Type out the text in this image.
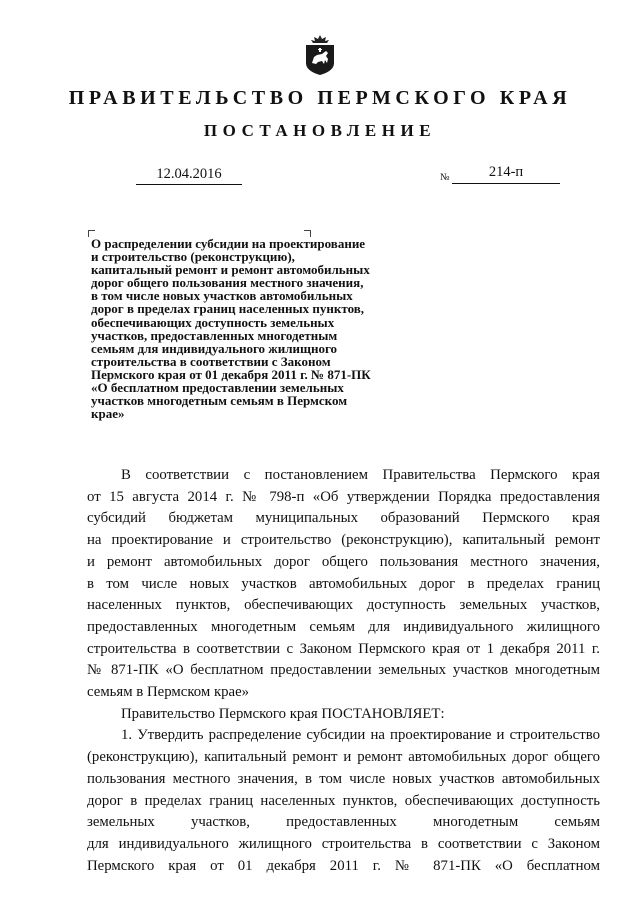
ПРАВИТЕЛЬСТВО ПЕРМСКОГО КРАЯ
ПОСТАНОВЛЕНИЕ
12.04.2016	№	214-п
О распределении субсидии на проектирование
и строительство (реконструкцию),
капитальный ремонт и ремонт автомобильных
дорог общего пользования местного значения,
в том числе новых участков автомобильных
дорог в пределах границ населенных пунктов,
обеспечивающих доступность земельных
участков, предоставленных многодетным
семьям для индивидуального жилищного
строительства в соответствии с Законом
Пермского края от 01 декабря 2011 г. № 871-ПК
«О бесплатном предоставлении земельных
участков многодетным семьям в Пермском
крае»
В соответствии с постановлением Правительства Пермского края
от 15 августа 2014 г. № 798-п «Об утверждении Порядка предоставления
субсидий бюджетам муниципальных образований Пермского края
на проектирование и строительство (реконструкцию), капитальный ремонт
и ремонт автомобильных дорог общего пользования местного значения,
в том числе новых участков автомобильных дорог в пределах границ
населенных пунктов, обеспечивающих доступность земельных участков,
предоставленных многодетным семьям для индивидуального жилищного
строительства в соответствии с Законом Пермского края от 1 декабря 2011 г.
№ 871-ПК «О бесплатном предоставлении земельных участков многодетным
семьям в Пермском крае»
Правительство Пермского края ПОСТАНОВЛЯЕТ:
1. Утвердить распределение субсидии на проектирование и строительство
(реконструкцию), капитальный ремонт и ремонт автомобильных дорог общего
пользования местного значения, в том числе новых участков автомобильных
дорог в пределах границ населенных пунктов, обеспечивающих доступность
земельных участков, предоставленных многодетным семьям
для индивидуального жилищного строительства в соответствии с Законом
Пермского края от 01 декабря 2011 г. № 871-ПК «О бесплатном
